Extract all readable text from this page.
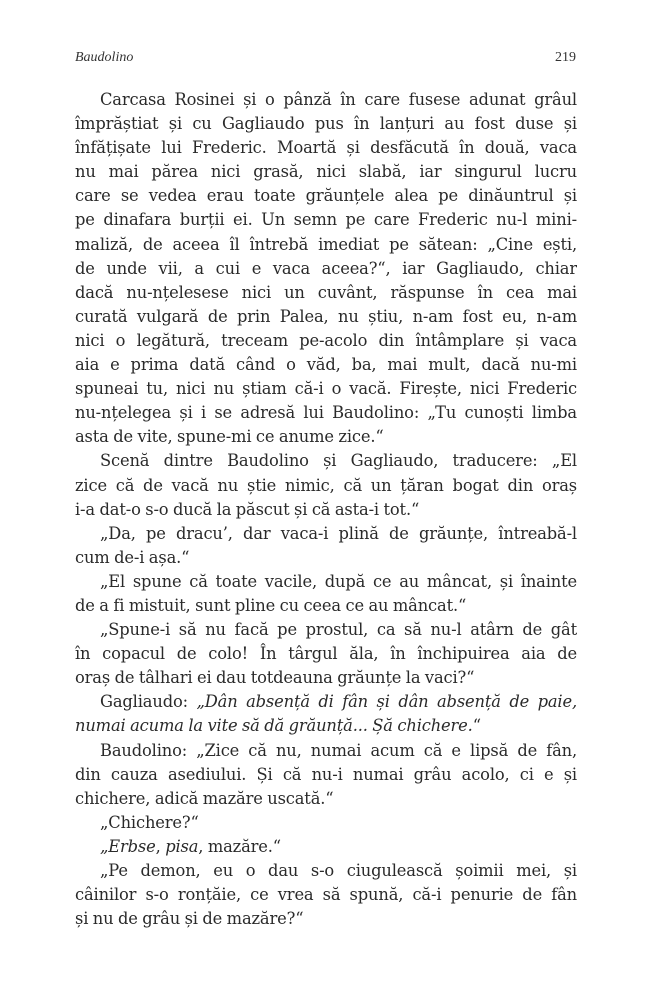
Baudolino	219
Carcasa Rosinei și o pânză în care fusese adunat grâul
împrăștiat și cu Gagliaudo pus în lanțuri au fost duse și
înfățișate lui Frederic. Moartă și desfăcută în două, vaca
nu mai părea nici grasă, nici slabă, iar singurul lucru
care se vedea erau toate grăunțele alea pe dinăuntrul și
pe dinafara burții ei. Un semn pe care Frederic nu-l mini-
maliză, de aceea îl întrebă imediat pe sătean: „Cine ești,
de unde vii, a cui e vaca aceea?“, iar Gagliaudo, chiar
dacă nu-nțelesese nici un cuvânt, răspunse în cea mai
curată vulgară de prin Palea, nu știu, n-am fost eu, n-am
nici o legătură, treceam pe-acolo din întâmplare și vaca
aia e prima dată când o văd, ba, mai mult, dacă nu-mi
spuneai tu, nici nu știam că-i o vacă. Firește, nici Frederic
nu-nțelegea și i se adresă lui Baudolino: „Tu cunoști limba
asta de vite, spune-mi ce anume zice.“
Scenă dintre Baudolino și Gagliaudo, traducere: „El
zice că de vacă nu știe nimic, că un țăran bogat din oraș
i-a dat-o s-o ducă la păscut și că asta-i tot.“
„Da, pe dracu’, dar vaca-i plină de grăunțe, întreabă-l
cum de-i așa.“
„El spune că toate vacile, după ce au mâncat, și înainte
de a fi mistuit, sunt pline cu ceea ce au mâncat.“
„Spune-i să nu facă pe prostul, ca să nu-l atârn de gât
în copacul de colo! În târgul ăla, în închipuirea aia de
oraș de tâlhari ei dau totdeauna grăunțe la vaci?“
Gagliaudo: „Dân absență di fân și dân absență de paie,
numai acuma la vite să dă grăunță... Șă chichere.“
Baudolino: „Zice că nu, numai acum că e lipsă de fân,
din cauza asediului. Și că nu-i numai grâu acolo, ci e și
chichere, adică mazăre uscată.“
„Chichere?“
„Erbse, pisa, mazăre.“
„Pe demon, eu o dau s-o ciugulească șoimii mei, și
câinilor s-o ronțăie, ce vrea să spună, că-i penurie de fân
și nu de grâu și de mazăre?“
